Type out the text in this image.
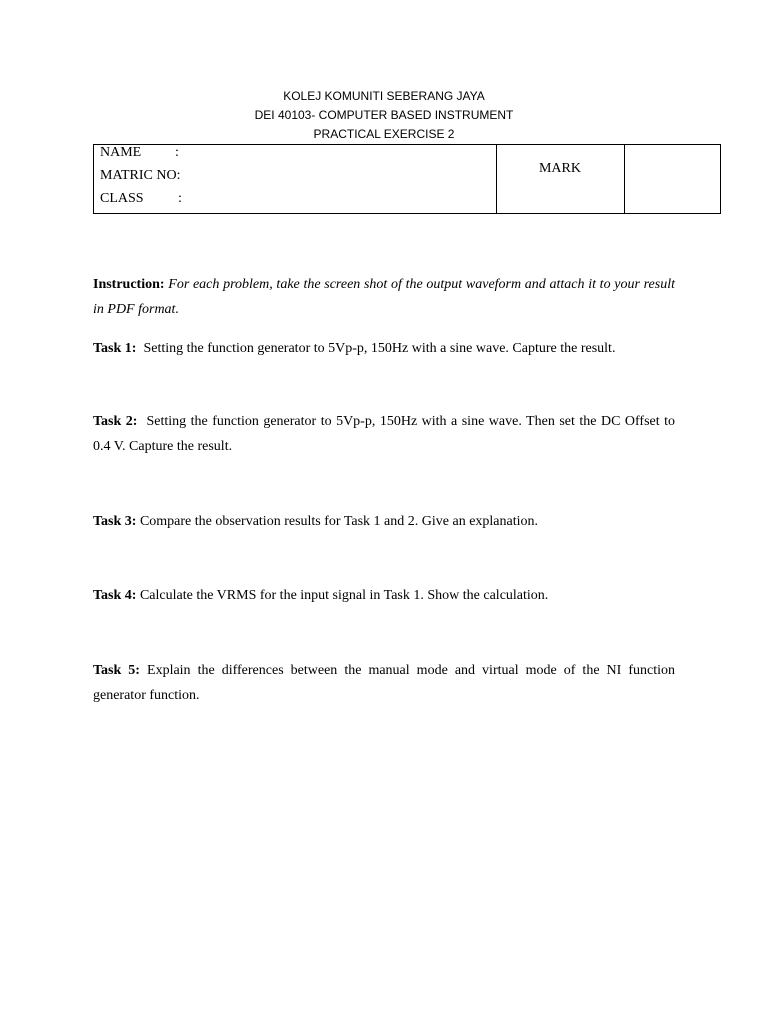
KOLEJ KOMUNITI SEBERANG JAYA
DEI 40103- COMPUTER BASED INSTRUMENT
PRACTICAL EXERCISE 2
NAME :
MATRIC NO:
CLASS :
MARK
Instruction: For each problem, take the screen shot of the output waveform and attach it to your result in PDF format.
Task 1: Setting the function generator to 5Vp-p, 150Hz with a sine wave. Capture the result.
Task 2: Setting the function generator to 5Vp-p, 150Hz with a sine wave. Then set the DC Offset to 0.4 V. Capture the result.
Task 3: Compare the observation results for Task 1 and 2. Give an explanation.
Task 4: Calculate the VRMS for the input signal in Task 1. Show the calculation.
Task 5: Explain the differences between the manual mode and virtual mode of the NI function generator function.
